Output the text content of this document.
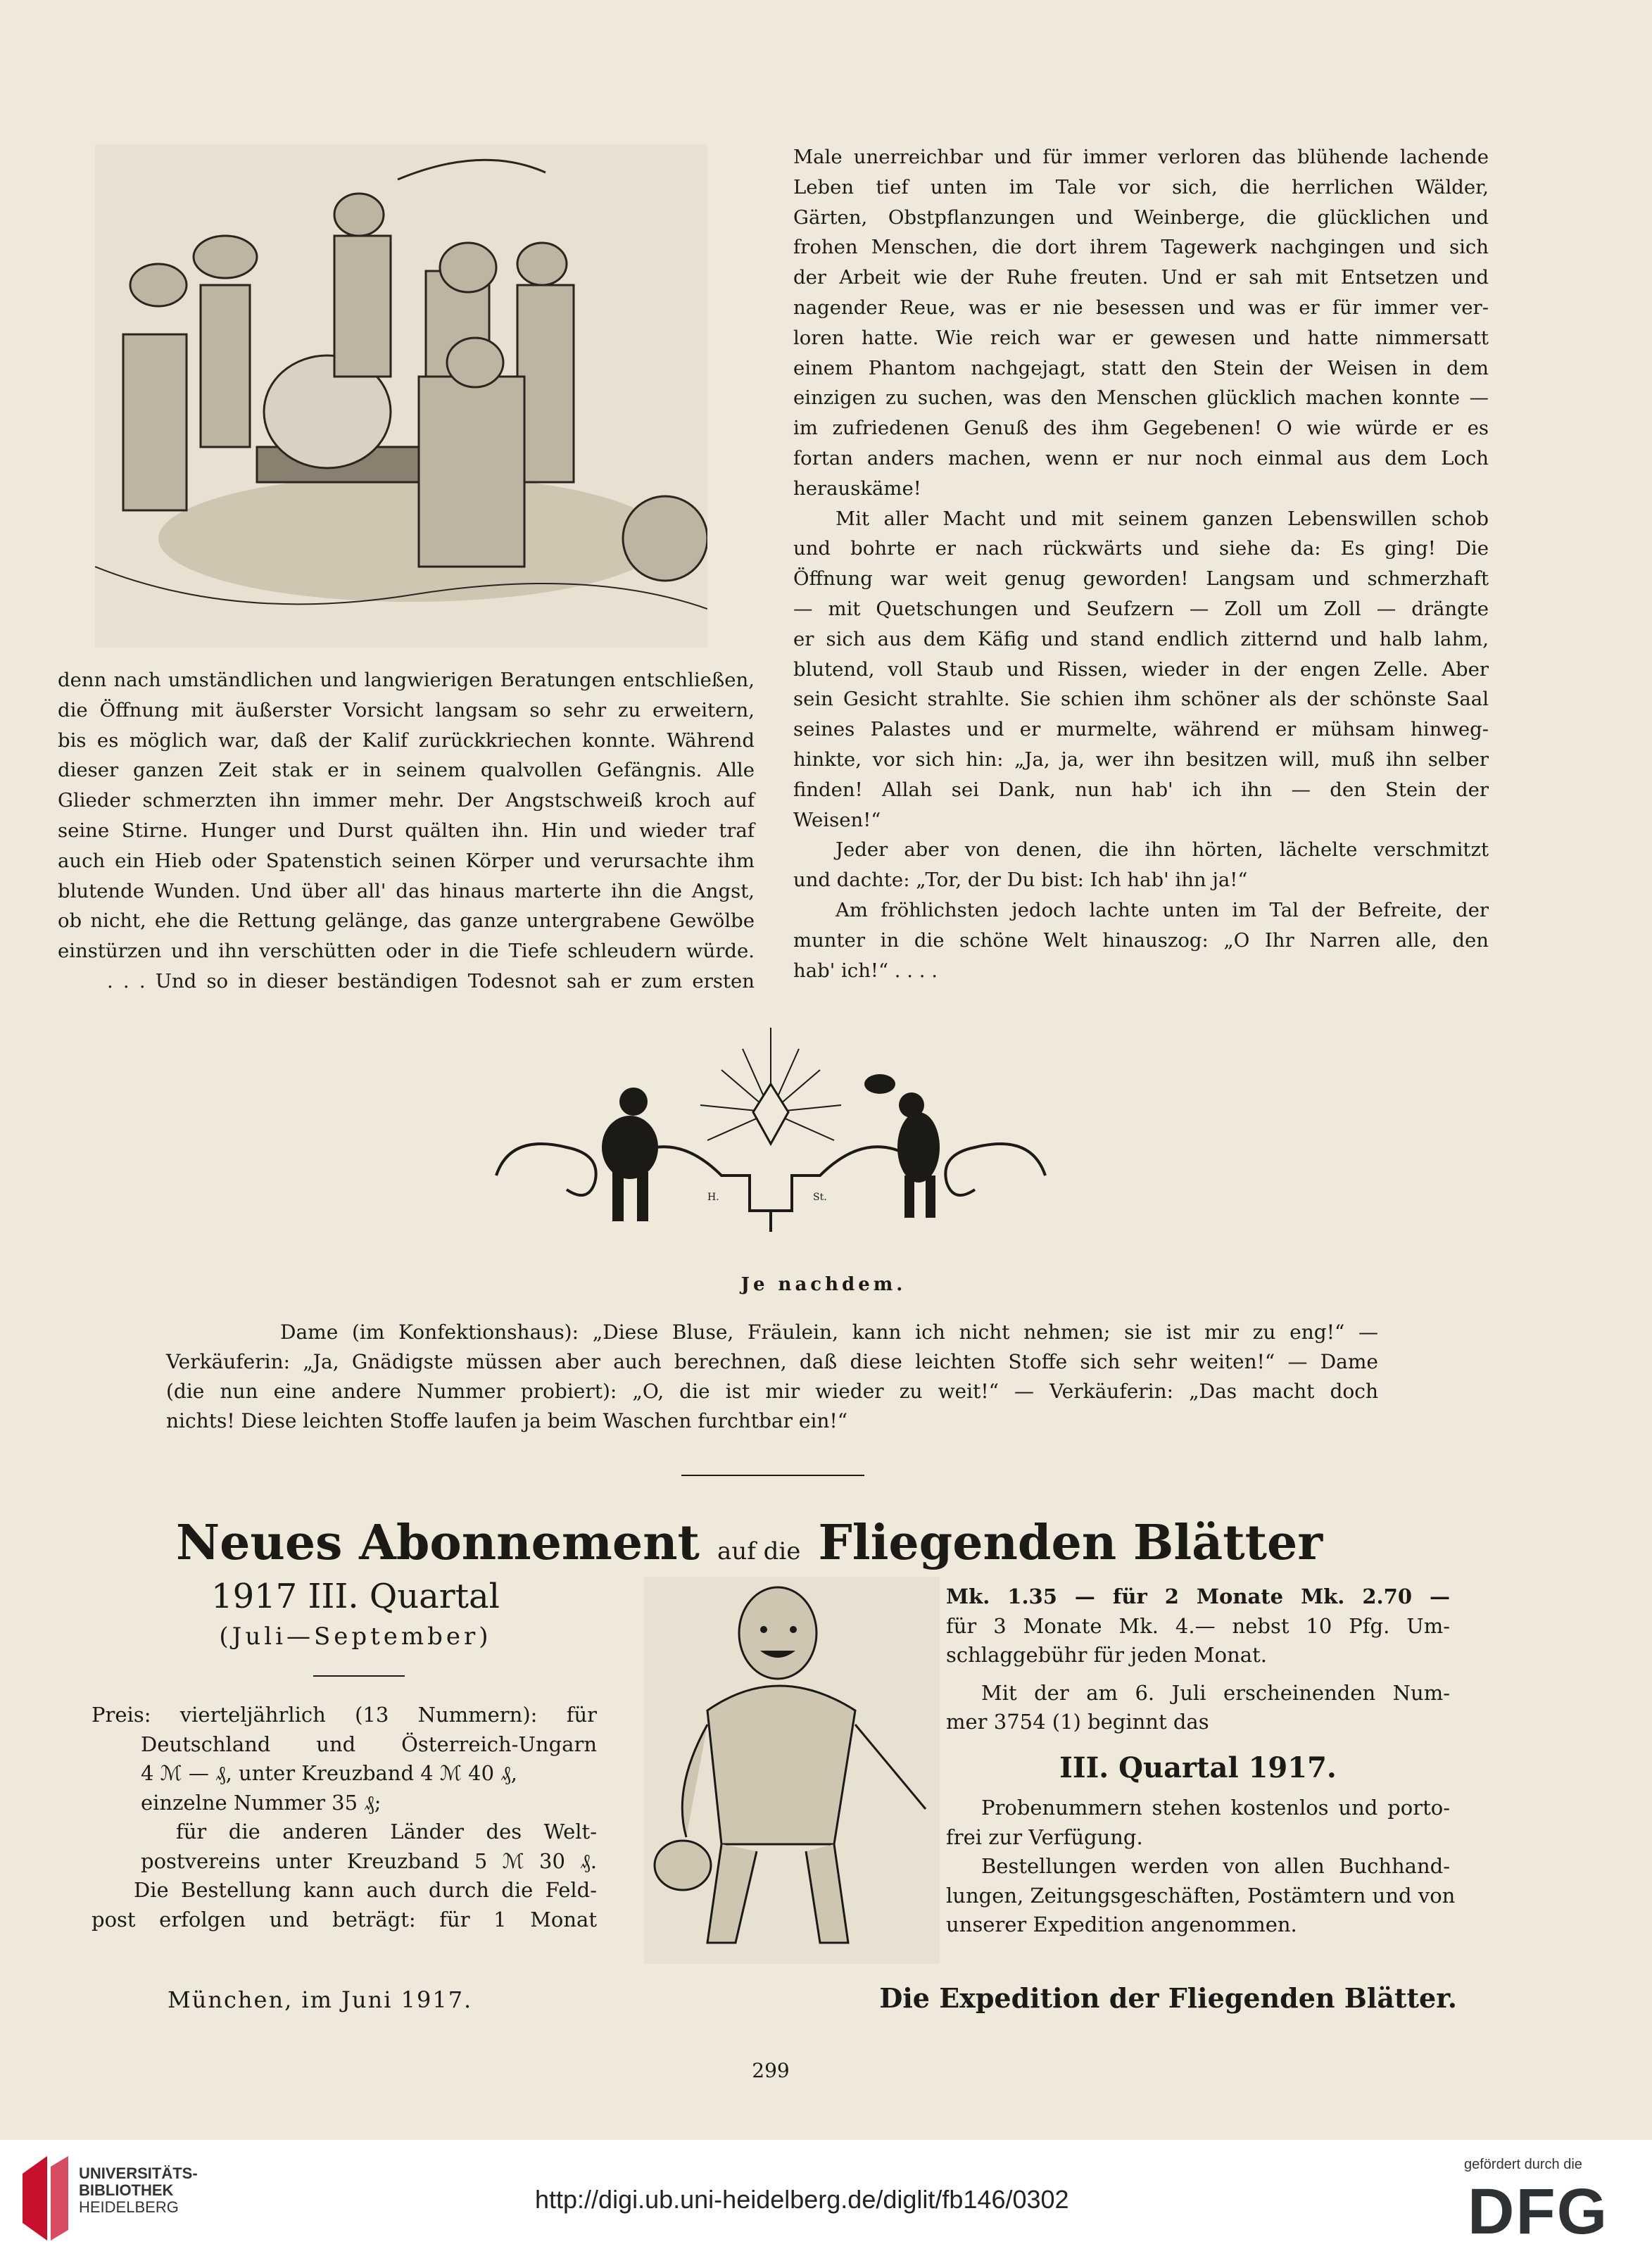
Male unerreichbar und für immer verloren das blühende lachende
Leben tief unten im Tale vor sich, die herrlichen Wälder,
Gärten, Obstpflanzungen und Weinberge, die glücklichen und
frohen Menschen, die dort ihrem Tagewerk nachgingen und sich
der Arbeit wie der Ruhe freuten. Und er sah mit Entsetzen und
nagender Reue, was er nie besessen und was er für immer ver-
loren hatte. Wie reich war er gewesen und hatte nimmersatt
einem Phantom nachgejagt, statt den Stein der Weisen in dem
einzigen zu suchen, was den Menschen glücklich machen konnte —
im zufriedenen Genuß des ihm Gegebenen! O wie würde er es
fortan anders machen, wenn er nur noch einmal aus dem Loch
herauskäme!
Mit aller Macht und mit seinem ganzen Lebenswillen schob
und bohrte er nach rückwärts und siehe da: Es ging! Die
Öffnung war weit genug geworden! Langsam und schmerzhaft
— mit Quetschungen und Seufzern — Zoll um Zoll — drängte
er sich aus dem Käfig und stand endlich zitternd und halb lahm,
blutend, voll Staub und Rissen, wieder in der engen Zelle. Aber
sein Gesicht strahlte. Sie schien ihm schöner als der schönste Saal
seines Palastes und er murmelte, während er mühsam hinweg-
hinkte, vor sich hin: „Ja, ja, wer ihn besitzen will, muß ihn selber
finden! Allah sei Dank, nun hab' ich ihn — den Stein der
Weisen!“
Jeder aber von denen, die ihn hörten, lächelte verschmitzt
und dachte: „Tor, der Du bist: Ich hab' ihn ja!“
Am fröhlichsten jedoch lachte unten im Tal der Befreite, der
munter in die schöne Welt hinauszog: „O Ihr Narren alle, den
hab' ich!“ . . . .
denn nach umständlichen und langwierigen Beratungen entschließen,
die Öffnung mit äußerster Vorsicht langsam so sehr zu erweitern,
bis es möglich war, daß der Kalif zurückkriechen konnte. Während
dieser ganzen Zeit stak er in seinem qualvollen Gefängnis. Alle
Glieder schmerzten ihn immer mehr. Der Angstschweiß kroch auf
seine Stirne. Hunger und Durst quälten ihn. Hin und wieder traf
auch ein Hieb oder Spatenstich seinen Körper und verursachte ihm
blutende Wunden. Und über all' das hinaus marterte ihn die Angst,
ob nicht, ehe die Rettung gelänge, das ganze untergrabene Gewölbe
einstürzen und ihn verschütten oder in die Tiefe schleudern würde.
. . . Und so in dieser beständigen Todesnot sah er zum ersten
H.	St.
Je nachdem.
Dame (im Konfektionshaus): „Diese Bluse, Fräulein, kann ich nicht nehmen; sie ist mir zu eng!“ —
Verkäuferin: „Ja, Gnädigste müssen aber auch berechnen, daß diese leichten Stoffe sich sehr weiten!“ — Dame
(die nun eine andere Nummer probiert): „O, die ist mir wieder zu weit!“ — Verkäuferin: „Das macht doch
nichts! Diese leichten Stoffe laufen ja beim Waschen furchtbar ein!“
Neues Abonnement auf die Fliegenden Blätter
1917 III. Quartal
(Juli—September)
Preis: vierteljährlich (13 Nummern): für
Deutschland und Österreich-Ungarn
4 ℳ — ₰, unter Kreuzband 4 ℳ 40 ₰,
einzelne Nummer 35 ₰;
für die anderen Länder des Welt-
postvereins unter Kreuzband 5 ℳ 30 ₰.
Die Bestellung kann auch durch die Feld-
post erfolgen und beträgt: für 1 Monat
Mk. 1.35 — für 2 Monate Mk. 2.70 —
für 3 Monate Mk. 4.— nebst 10 Pfg. Um-
schlaggebühr für jeden Monat.
Mit der am 6. Juli erscheinenden Num-
mer 3754 (1) beginnt das
III. Quartal 1917.
Probenummern stehen kostenlos und porto-
frei zur Verfügung.
Bestellungen werden von allen Buchhand-
lungen, Zeitungsgeschäften, Postämtern und von
unserer Expedition angenommen.
München, im Juni 1917.	Die Expedition der Fliegenden Blätter.
299
UNIVERSITÄTS-
BIBLIOTHEK
HEIDELBERG	http://digi.ub.uni-heidelberg.de/diglit/fb146/0302
gefördert durch die
DFG
